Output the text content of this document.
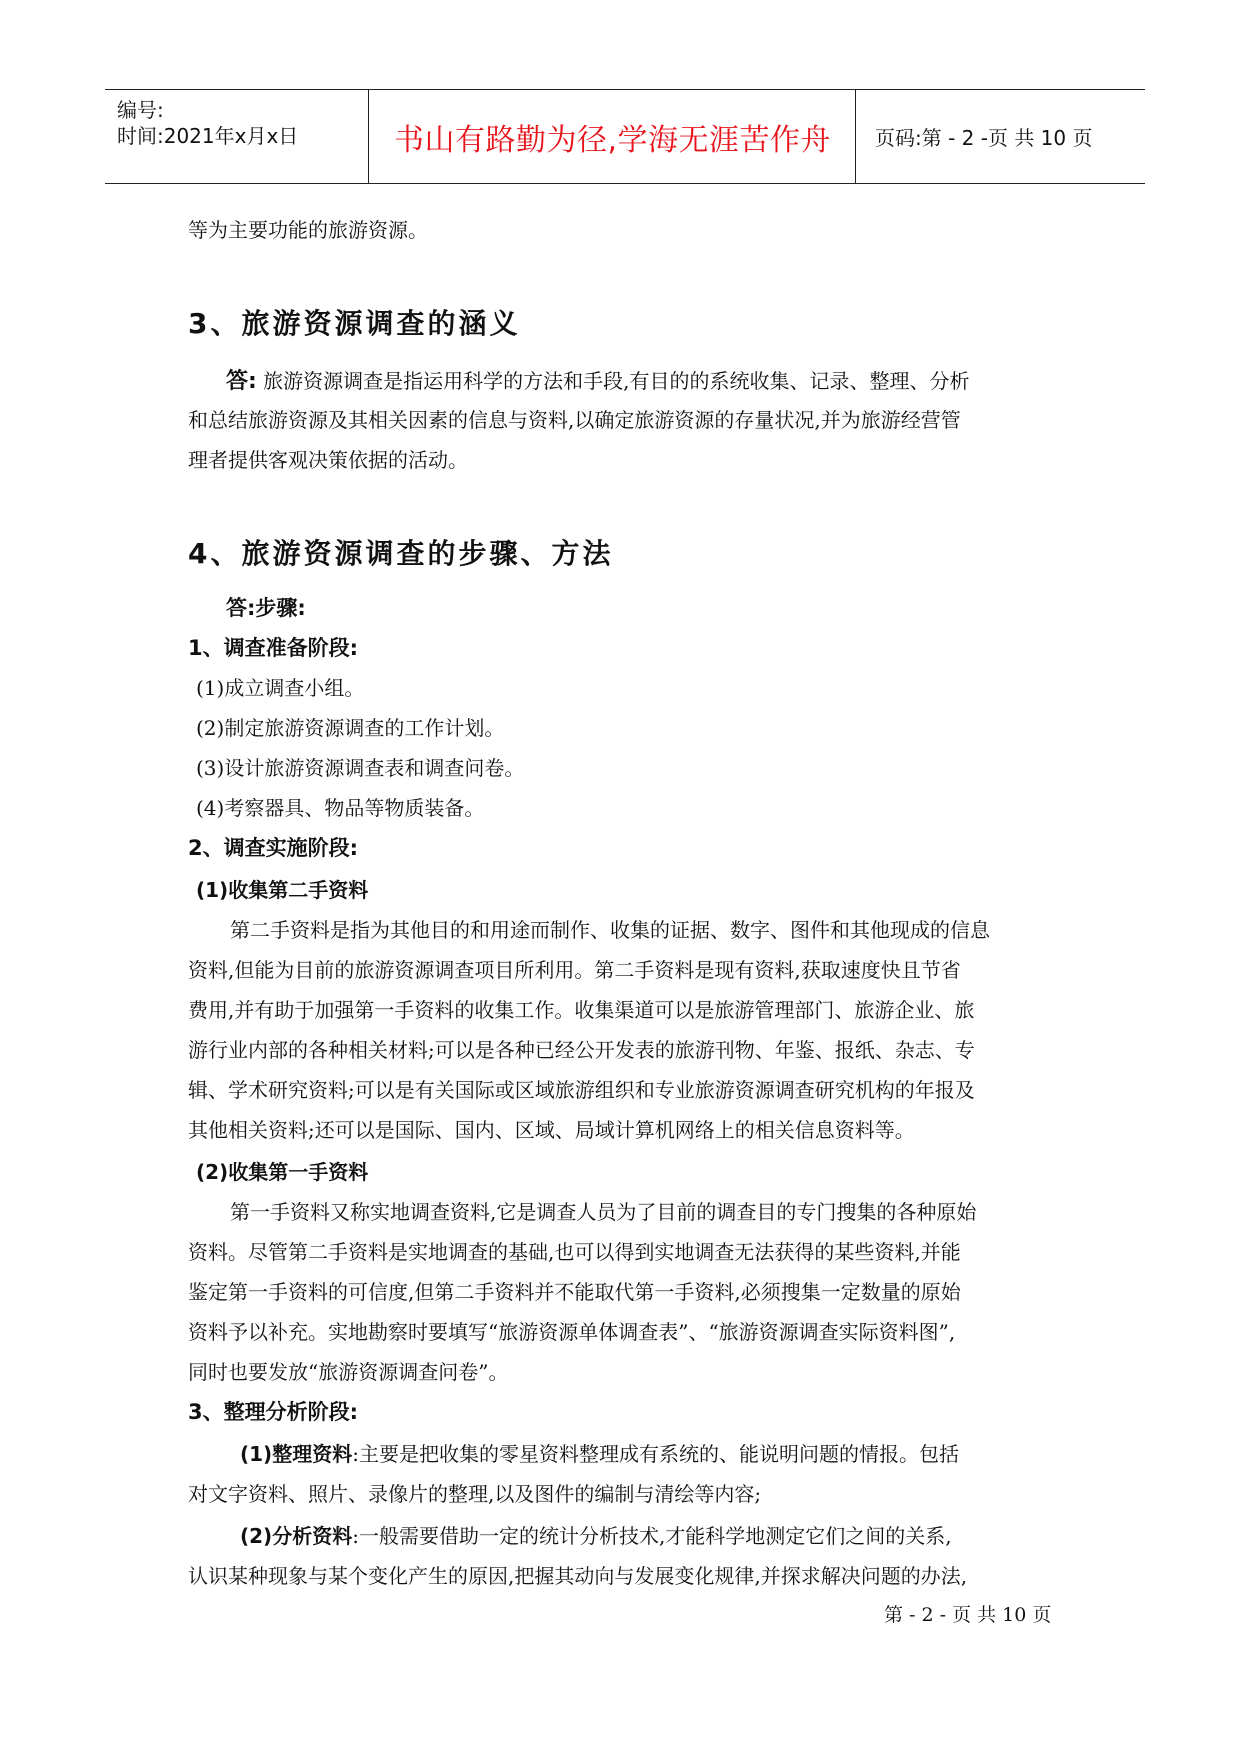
编号:
时间:2021年x月x日	书山有路勤为径,学海无涯苦作舟 页码:第 - 2 -页 共 10 页
等为主要功能的旅游资源。
3、旅游资源调查的涵义
答: 旅游资源调查是指运用科学的方法和手段,有目的的系统收集、记录、整理、分析
和总结旅游资源及其相关因素的信息与资料,以确定旅游资源的存量状况,并为旅游经营管
理者提供客观决策依据的活动。
4、旅游资源调查的步骤、方法
答:步骤:
1、调查准备阶段:
(1)成立调查小组。
(2)制定旅游资源调查的工作计划。
(3)设计旅游资源调查表和调查问卷。
(4)考察器具、物品等物质装备。
2、调查实施阶段:
(1)收集第二手资料
第二手资料是指为其他目的和用途而制作、收集的证据、数字、图件和其他现成的信息
资料,但能为目前的旅游资源调查项目所利用。第二手资料是现有资料,获取速度快且节省
费用,并有助于加强第一手资料的收集工作。收集渠道可以是旅游管理部门、旅游企业、旅
游行业内部的各种相关材料;可以是各种已经公开发表的旅游刊物、年鉴、报纸、杂志、专
辑、学术研究资料;可以是有关国际或区域旅游组织和专业旅游资源调查研究机构的年报及
其他相关资料;还可以是国际、国内、区域、局域计算机网络上的相关信息资料等。
(2)收集第一手资料
第一手资料又称实地调查资料,它是调查人员为了目前的调查目的专门搜集的各种原始
资料。尽管第二手资料是实地调查的基础,也可以得到实地调查无法获得的某些资料,并能
鉴定第一手资料的可信度,但第二手资料并不能取代第一手资料,必须搜集一定数量的原始
资料予以补充。实地勘察时要填写“旅游资源单体调查表”、“旅游资源调查实际资料图”,
同时也要发放“旅游资源调查问卷”。
3、整理分析阶段:
(1)整理资料:主要是把收集的零星资料整理成有系统的、能说明问题的情报。包括
对文字资料、照片、录像片的整理,以及图件的编制与清绘等内容;
(2)分析资料:一般需要借助一定的统计分析技术,才能科学地测定它们之间的关系,
认识某种现象与某个变化产生的原因,把握其动向与发展变化规律,并探求解决问题的办法,
第 - 2 - 页 共 10 页
